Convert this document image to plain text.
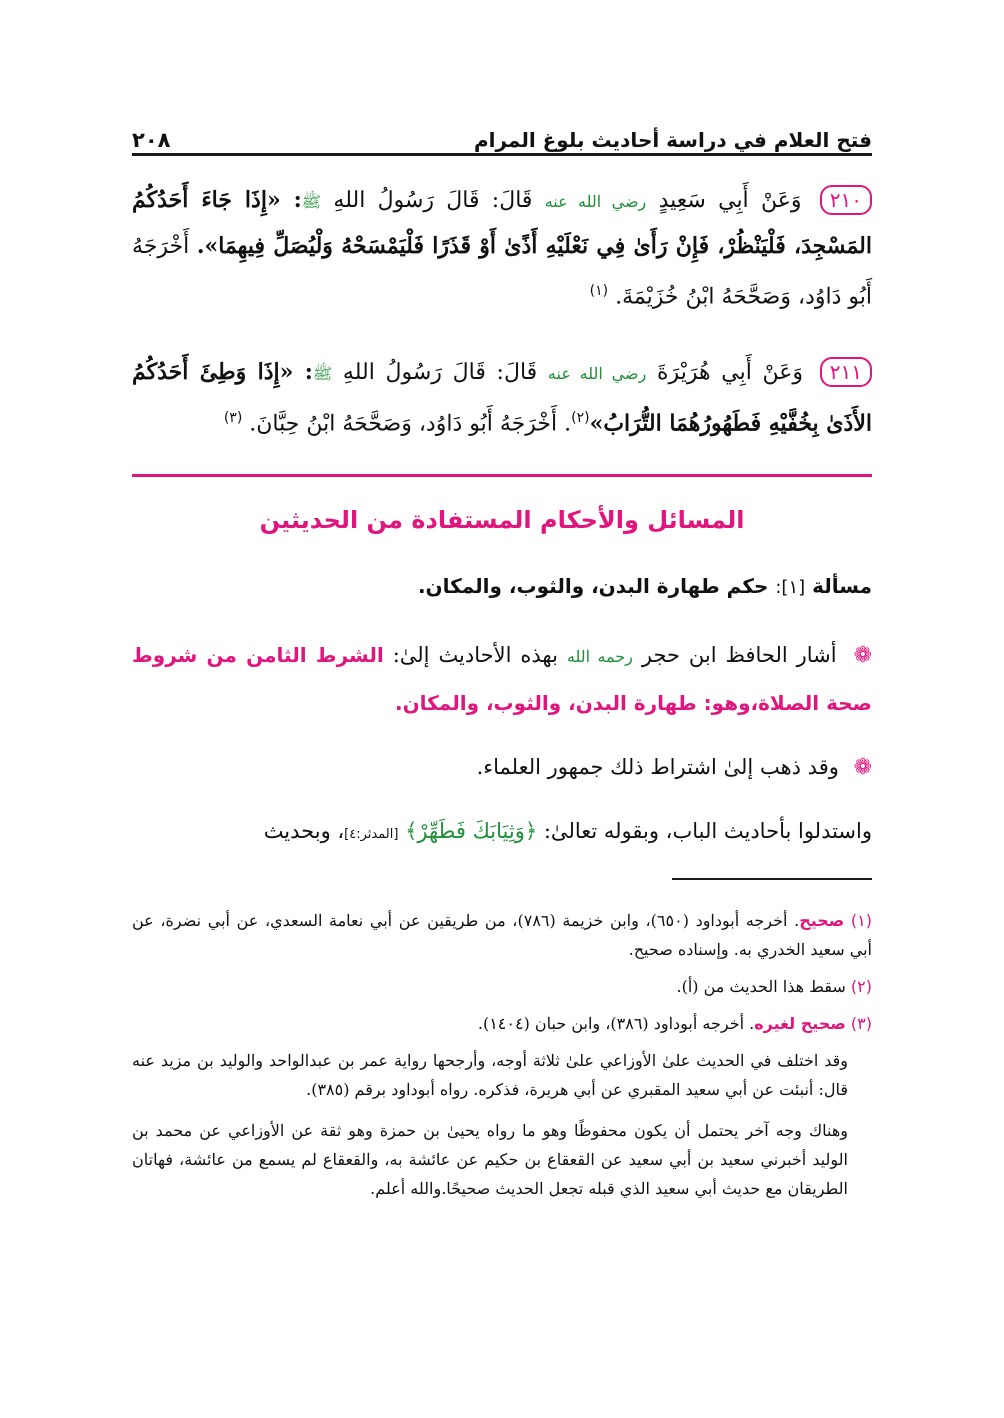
فتح العلام في دراسة أحاديث بلوغ المرام
٢٠٨
٢١٠ وَعَنْ أَبِي سَعِيدٍ رضي الله عنه قَالَ: قَالَ رَسُولُ اللهِ ﷺ: «إِذَا جَاءَ أَحَدُكُمُ المَسْجِدَ، فَلْيَنْظُرْ، فَإِنْ رَأَىٰ فِي نَعْلَيْهِ أَذًىٰ أَوْ قَذَرًا فَلْيَمْسَحْهُ وَلْيُصَلِّ فِيهِمَا». أَخْرَجَهُ أَبُو دَاوُد، وَصَحَّحَهُ ابْنُ خُزَيْمَةَ. $^{(١)}$
٢١١ وَعَنْ أَبِي هُرَيْرَةَ رضي الله عنه قَالَ: قَالَ رَسُولُ اللهِ ﷺ: «إِذَا وَطِئَ أَحَدُكُمُ الأَذَىٰ بِخُفَّيْهِ فَطَهُورُهُمَا التُّرَابُ»$^{(٢)}$. أَخْرَجَهُ أَبُو دَاوُد، وَصَحَّحَهُ ابْنُ حِبَّانَ. $^{(٣)}$
المسائل والأحكام المستفادة من الحديثين
مسألة [١]: حكم طهارة البدن، والثوب، والمكان.
❁ أشار الحافظ ابن حجر رحمه الله بهذه الأحاديث إلىٰ: الشرط الثامن من شروط صحة الصلاة،وهو: طهارة البدن، والثوب، والمكان.
❁ وقد ذهب إلىٰ اشتراط ذلك جمهور العلماء.
واستدلوا بأحاديث الباب، وبقوله تعالىٰ: ﴿وَثِيَابَكَ فَطَهِّرْ﴾ [المدثر:٤]، وبحديث
(١) صحيح. أخرجه أبوداود (٦٥٠)، وابن خزيمة (٧٨٦)، من طريقين عن أبي نعامة السعدي، عن أبي نضرة، عن أبي سعيد الخدري به. وإسناده صحيح.
(٢) سقط هذا الحديث من (أ).
(٣) صحيح لغيره. أخرجه أبوداود (٣٨٦)، وابن حبان (١٤٠٤).
وقد اختلف في الحديث علىٰ الأوزاعي علىٰ ثلاثة أوجه، وأرجحها رواية عمر بن عبدالواحد والوليد بن مزيد عنه قال: أنبئت عن أبي سعيد المقبري عن أبي هريرة، فذكره. رواه أبوداود برقم (٣٨٥).
وهناك وجه آخر يحتمل أن يكون محفوظًا وهو ما رواه يحيىٰ بن حمزة وهو ثقة عن الأوزاعي عن محمد بن الوليد أخبرني سعيد بن أبي سعيد عن القعقاع بن حكيم عن عائشة به، والقعقاع لم يسمع من عائشة، فهاتان الطريقان مع حديث أبي سعيد الذي قبله تجعل الحديث صحيحًا.والله أعلم.
